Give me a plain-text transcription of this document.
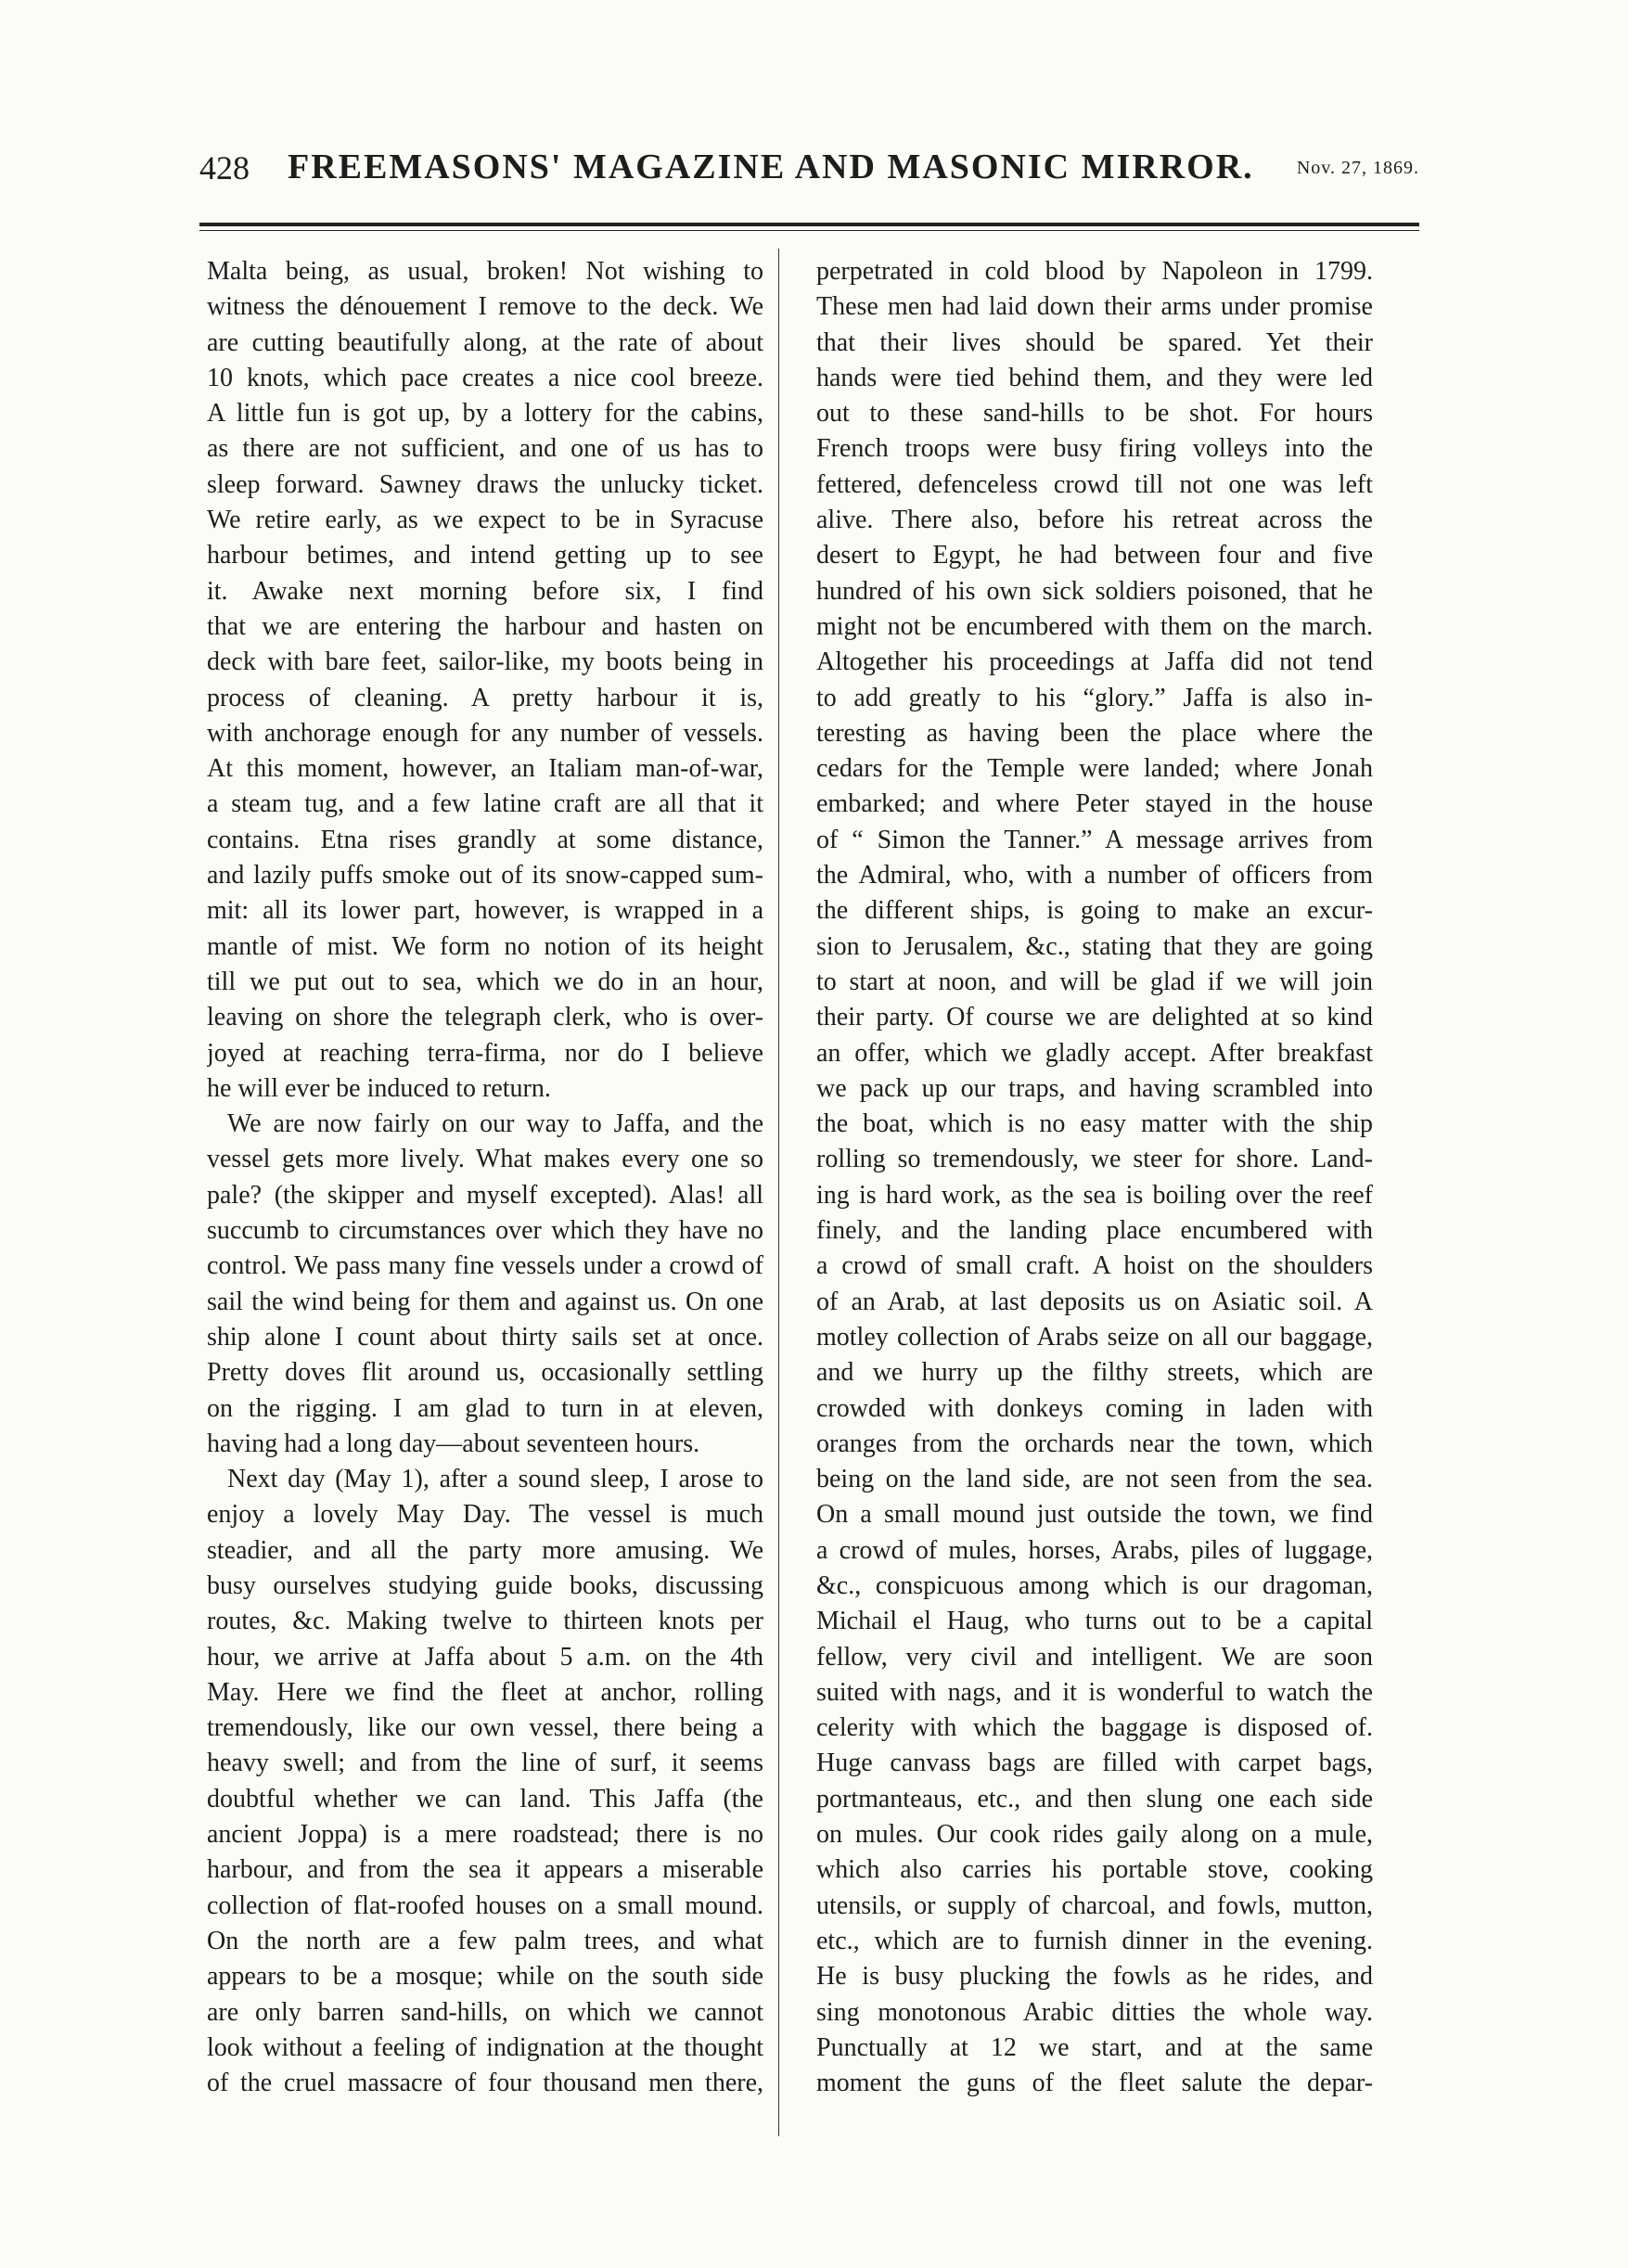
428 FREEMASONS' MAGAZINE AND MASONIC MIRROR. Nov. 27, 1869.
Malta being, as usual, broken! Not wishing to
witness the dénouement I remove to the deck. We
are cutting beautifully along, at the rate of about
10 knots, which pace creates a nice cool breeze.
A little fun is got up, by a lottery for the cabins,
as there are not sufficient, and one of us has to
sleep forward. Sawney draws the unlucky ticket.
We retire early, as we expect to be in Syracuse
harbour betimes, and intend getting up to see
it. Awake next morning before six, I find
that we are entering the harbour and hasten on
deck with bare feet, sailor-like, my boots being in
process of cleaning. A pretty harbour it is,
with anchorage enough for any number of vessels.
At this moment, however, an Italiam man-of-war,
a steam tug, and a few latine craft are all that it
contains. Etna rises grandly at some distance,
and lazily puffs smoke out of its snow-capped sum-
mit: all its lower part, however, is wrapped in a
mantle of mist. We form no notion of its height
till we put out to sea, which we do in an hour,
leaving on shore the telegraph clerk, who is over-
joyed at reaching terra-firma, nor do I believe
he will ever be induced to return.
We are now fairly on our way to Jaffa, and the
vessel gets more lively. What makes every one so
pale? (the skipper and myself excepted). Alas! all
succumb to circumstances over which they have no
control. We pass many fine vessels under a crowd of
sail the wind being for them and against us. On one
ship alone I count about thirty sails set at once.
Pretty doves flit around us, occasionally settling
on the rigging. I am glad to turn in at eleven,
having had a long day—about seventeen hours.
Next day (May 1), after a sound sleep, I arose to
enjoy a lovely May Day. The vessel is much
steadier, and all the party more amusing. We
busy ourselves studying guide books, discussing
routes, &c. Making twelve to thirteen knots per
hour, we arrive at Jaffa about 5 a.m. on the 4th
May. Here we find the fleet at anchor, rolling
tremendously, like our own vessel, there being a
heavy swell; and from the line of surf, it seems
doubtful whether we can land. This Jaffa (the
ancient Joppa) is a mere roadstead; there is no
harbour, and from the sea it appears a miserable
collection of flat-roofed houses on a small mound.
On the north are a few palm trees, and what
appears to be a mosque; while on the south side
are only barren sand-hills, on which we cannot
look without a feeling of indignation at the thought
of the cruel massacre of four thousand men there,
perpetrated in cold blood by Napoleon in 1799.
These men had laid down their arms under promise
that their lives should be spared. Yet their
hands were tied behind them, and they were led
out to these sand-hills to be shot. For hours
French troops were busy firing volleys into the
fettered, defenceless crowd till not one was left
alive. There also, before his retreat across the
desert to Egypt, he had between four and five
hundred of his own sick soldiers poisoned, that he
might not be encumbered with them on the march.
Altogether his proceedings at Jaffa did not tend
to add greatly to his “glory.” Jaffa is also in-
teresting as having been the place where the
cedars for the Temple were landed; where Jonah
embarked; and where Peter stayed in the house
of “ Simon the Tanner.” A message arrives from
the Admiral, who, with a number of officers from
the different ships, is going to make an excur-
sion to Jerusalem, &c., stating that they are going
to start at noon, and will be glad if we will join
their party. Of course we are delighted at so kind
an offer, which we gladly accept. After breakfast
we pack up our traps, and having scrambled into
the boat, which is no easy matter with the ship
rolling so tremendously, we steer for shore. Land-
ing is hard work, as the sea is boiling over the reef
finely, and the landing place encumbered with
a crowd of small craft. A hoist on the shoulders
of an Arab, at last deposits us on Asiatic soil. A
motley collection of Arabs seize on all our baggage,
and we hurry up the filthy streets, which are
crowded with donkeys coming in laden with
oranges from the orchards near the town, which
being on the land side, are not seen from the sea.
On a small mound just outside the town, we find
a crowd of mules, horses, Arabs, piles of luggage,
&c., conspicuous among which is our dragoman,
Michail el Haug, who turns out to be a capital
fellow, very civil and intelligent. We are soon
suited with nags, and it is wonderful to watch the
celerity with which the baggage is disposed of.
Huge canvass bags are filled with carpet bags,
portmanteaus, etc., and then slung one each side
on mules. Our cook rides gaily along on a mule,
which also carries his portable stove, cooking
utensils, or supply of charcoal, and fowls, mutton,
etc., which are to furnish dinner in the evening.
He is busy plucking the fowls as he rides, and
sing monotonous Arabic ditties the whole way.
Punctually at 12 we start, and at the same
moment the guns of the fleet salute the depar-
